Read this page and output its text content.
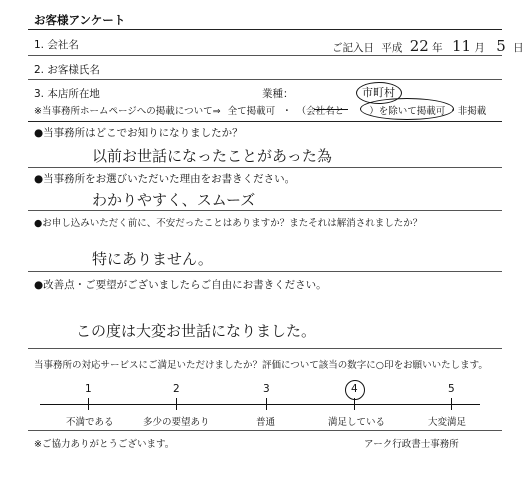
お客様アンケート
1. 会社名	ご記入日 平成 22 年 11 月 5 日
2. お客様氏名
3. 本店所在地	業種：	市町村
※当事務所ホームページへの掲載について⇒ 全て掲載可 ・ （会社名と	）を除いて掲載可 ・非掲載
●当事務所はどこでお知りになりましたか？
以前お世話になったことがあった為
●当事務所をお選びいただいた理由をお書きください。
わかりやすく、スムーズ
●お申し込みいただく前に、不安だったことはありますか？またそれは解消されましたか？
特にありません。
●改善点・ご要望がございましたらご自由にお書きください。
この度は大変お世話になりました。
当事務所の対応サービスにご満足いただけましたか？評価について該当の数字に○印をお願いいたします。
1
不満である
2
多少の要望あり
3
普通
4
満足している
5
大変満足
※ご協力ありがとうございます。	アーク行政書士事務所
